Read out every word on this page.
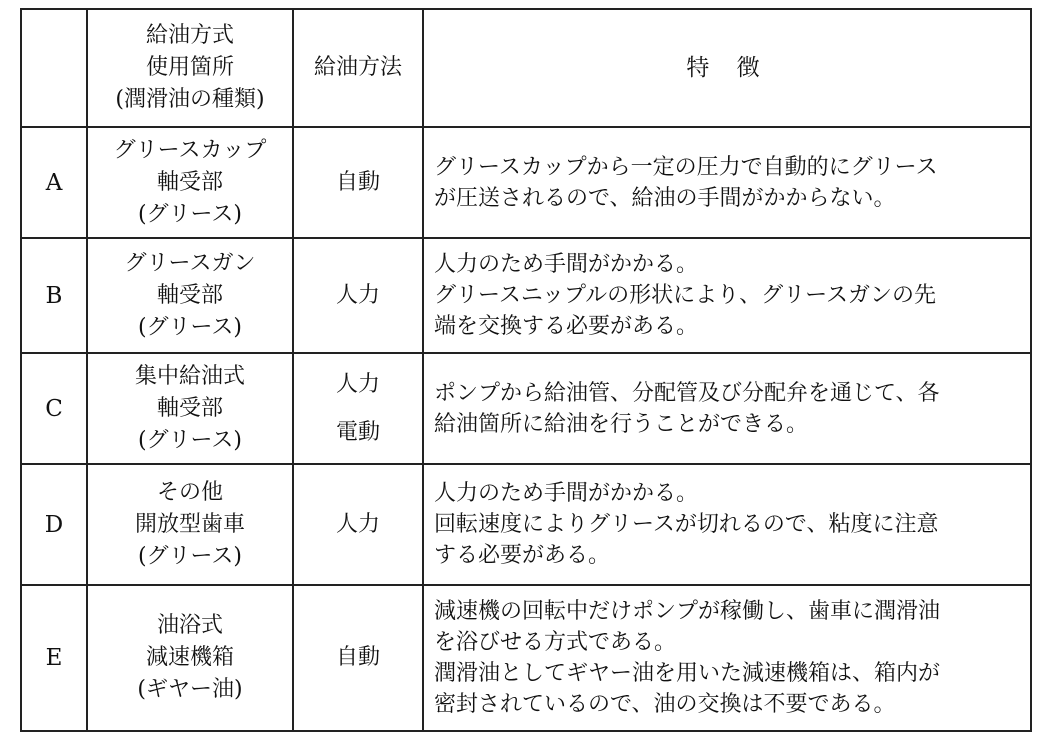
	給油方式
使用箇所
(潤滑油の種類)	給油方法	特 徴
A	グリースカップ
軸受部
(グリース)	自動	グリースカップから一定の圧力で自動的にグリース
が圧送されるので、給油の手間がかからない。

B	グリースガン
軸受部
(グリース)	人力	人力のため手間がかかる。
グリースニップルの形状により、グリースガンの先
端を交換する必要がある。

C	集中給油式
軸受部
(グリース)	人力
電動	ポンプから給油管、分配管及び分配弁を通じて、各
給油箇所に給油を行うことができる。

D	その他
開放型歯車
(グリース)	人力	人力のため手間がかかる。
回転速度によりグリースが切れるので、粘度に注意
する必要がある。

E	油浴式
減速機箱
(ギヤー油)	自動	減速機の回転中だけポンプが稼働し、歯車に潤滑油
を浴びせる方式である。
潤滑油としてギヤー油を用いた減速機箱は、箱内が
密封されているので、油の交換は不要である。
